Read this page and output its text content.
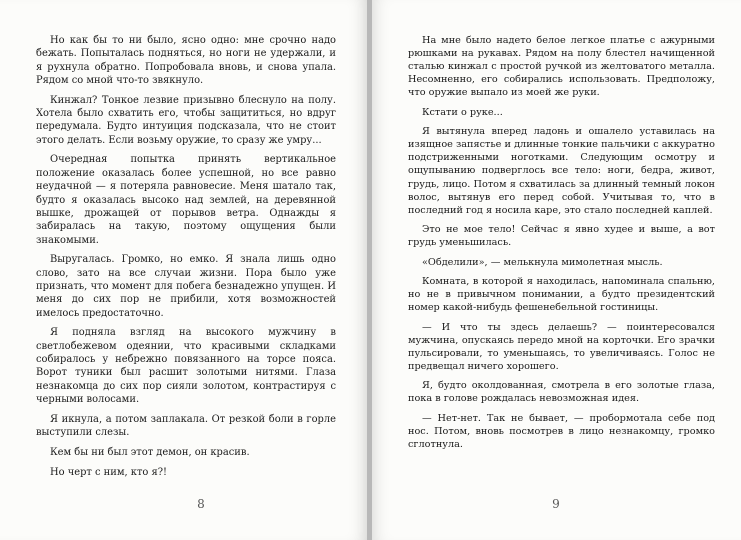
Но как бы то ни было, ясно одно: мне срочно надо бежать. Попыталась подняться, но ноги не удержали, и я рухнула обратно. Попробовала вновь, и снова упала. Рядом со мной что-то звякнуло.

Кинжал? Тонкое лезвие призывно блеснуло на полу. Хотела было схватить его, чтобы защититься, но вдруг передумала. Будто интуиция подсказала, что не стоит этого делать. Если возьму оружие, то сразу же умру...

Очередная попытка принять вертикальное положение оказалась более успешной, но все равно неудачной — я потеряла равновесие. Меня шатало так, будто я оказалась высоко над землей, на деревянной вышке, дрожащей от порывов ветра. Однажды я забиралась на такую, поэтому ощущения были знакомыми.

Выругалась. Громко, но емко. Я знала лишь одно слово, зато на все случаи жизни. Пора было уже признать, что момент для побега безнадежно упущен. И меня до сих пор не прибили, хотя возможностей имелось предостаточно.

Я подняла взгляд на высокого мужчину в светлобежевом одеянии, что красивыми складками собиралось у небрежно повязанного на торсе пояса. Ворот туники был расшит золотыми нитями. Глаза незнакомца до сих пор сияли золотом, контрастируя с черными волосами.

Я икнула, а потом заплакала. От резкой боли в горле выступили слезы.

Кем бы ни был этот демон, он красив.

Но черт с ним, кто я?!

8

На мне было надето белое легкое платье с ажурными рюшками на рукавах. Рядом на полу блестел начищенной сталью кинжал с простой ручкой из желтоватого металла. Несомненно, его собирались использовать. Предположу, что оружие выпало из моей же руки.

Кстати о руке...

Я вытянула вперед ладонь и ошалело уставилась на изящное запястье и длинные тонкие пальчики с аккуратно подстриженными ноготками. Следующим осмотру и ощупыванию подверглось все тело: ноги, бедра, живот, грудь, лицо. Потом я схватилась за длинный темный локон волос, вытянув его перед собой. Учитывая то, что в последний год я носила каре, это стало последней каплей.

Это не мое тело! Сейчас я явно худее и выше, а вот грудь уменьшилась.

«Обделили», — мелькнула мимолетная мысль.

Комната, в которой я находилась, напоминала спальню, но не в привычном понимании, а будто президентский номер какой-нибудь фешенебельной гостиницы.

— И что ты здесь делаешь? — поинтересовался мужчина, опускаясь передо мной на корточки. Его зрачки пульсировали, то уменьшаясь, то увеличиваясь. Голос не предвещал ничего хорошего.

Я, будто околдованная, смотрела в его золотые глаза, пока в голове рождалась невозможная идея.

— Нет-нет. Так не бывает, — пробормотала себе под нос. Потом, вновь посмотрев в лицо незнакомцу, громко сглотнула.

9
